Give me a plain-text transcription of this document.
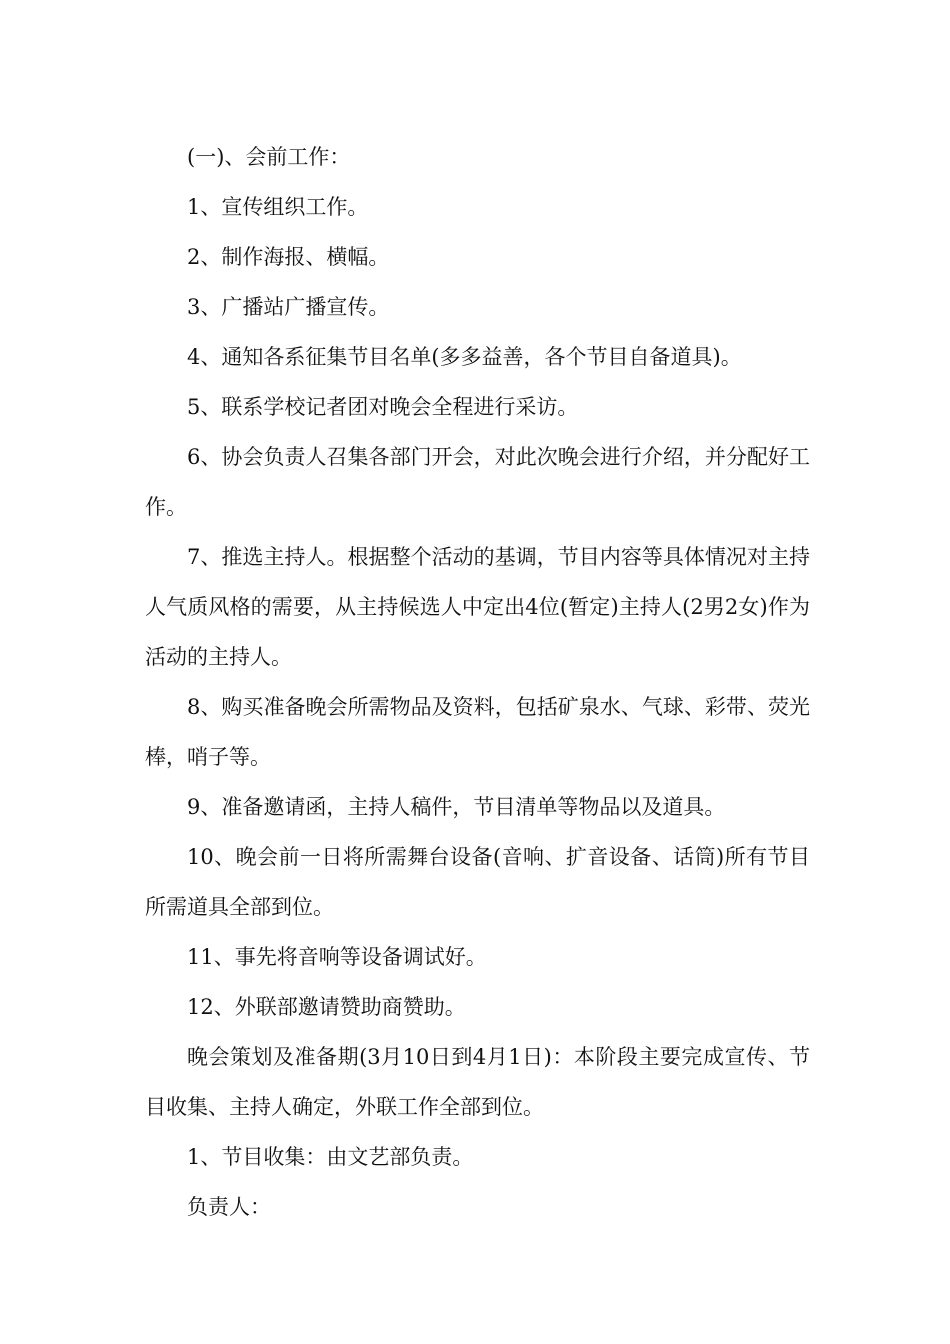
(一)、会前工作：

1、宣传组织工作。

2、制作海报、横幅。

3、广播站广播宣传。

4、通知各系征集节目名单(多多益善，各个节目自备道具)。

5、联系学校记者团对晚会全程进行采访。

6、协会负责人召集各部门开会，对此次晚会进行介绍，并分配好工作。

7、推选主持人。根据整个活动的基调，节目内容等具体情况对主持人气质风格的需要，从主持候选人中定出4位(暂定)主持人(2男2女)作为活动的主持人。

8、购买准备晚会所需物品及资料，包括矿泉水、气球、彩带、荧光棒，哨子等。

9、准备邀请函，主持人稿件，节目清单等物品以及道具。

10、晚会前一日将所需舞台设备(音响、扩音设备、话筒)所有节目所需道具全部到位。

11、事先将音响等设备调试好。

12、外联部邀请赞助商赞助。

晚会策划及准备期(3月10日到4月1日)：本阶段主要完成宣传、节目收集、主持人确定，外联工作全部到位。

1、节目收集：由文艺部负责。

负责人：
